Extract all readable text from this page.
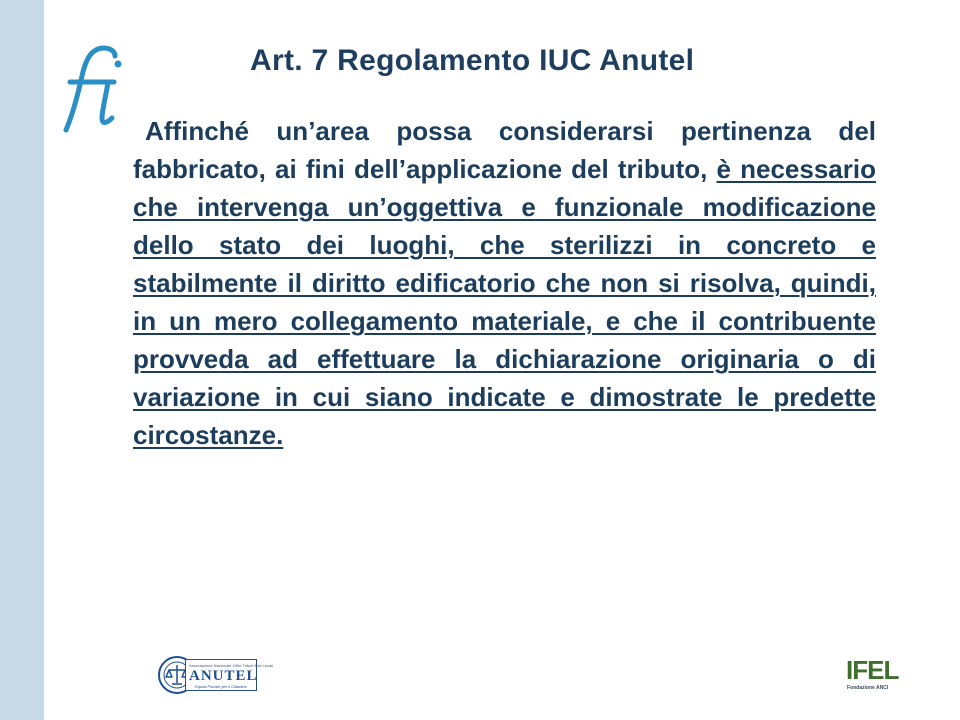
Art. 7 Regolamento IUC Anutel
Affinché un’area possa considerarsi pertinenza del fabbricato, ai fini dell’applicazione del tributo, è necessario che intervenga un’oggettiva e funzionale modificazione dello stato dei luoghi, che sterilizzi in concreto e stabilmente il diritto edificatorio che non si risolva, quindi, in un mero collegamento materiale, e che il contribuente provveda ad effettuare la dichiarazione originaria o di variazione in cui siano indicate e dimostrate le predette circostanze.
Associazione Nazionale Uffici Tributi Enti Locali
ANUTEL
Equità Fiscale per il Cittadino
IFEL
Fondazione ANCI
